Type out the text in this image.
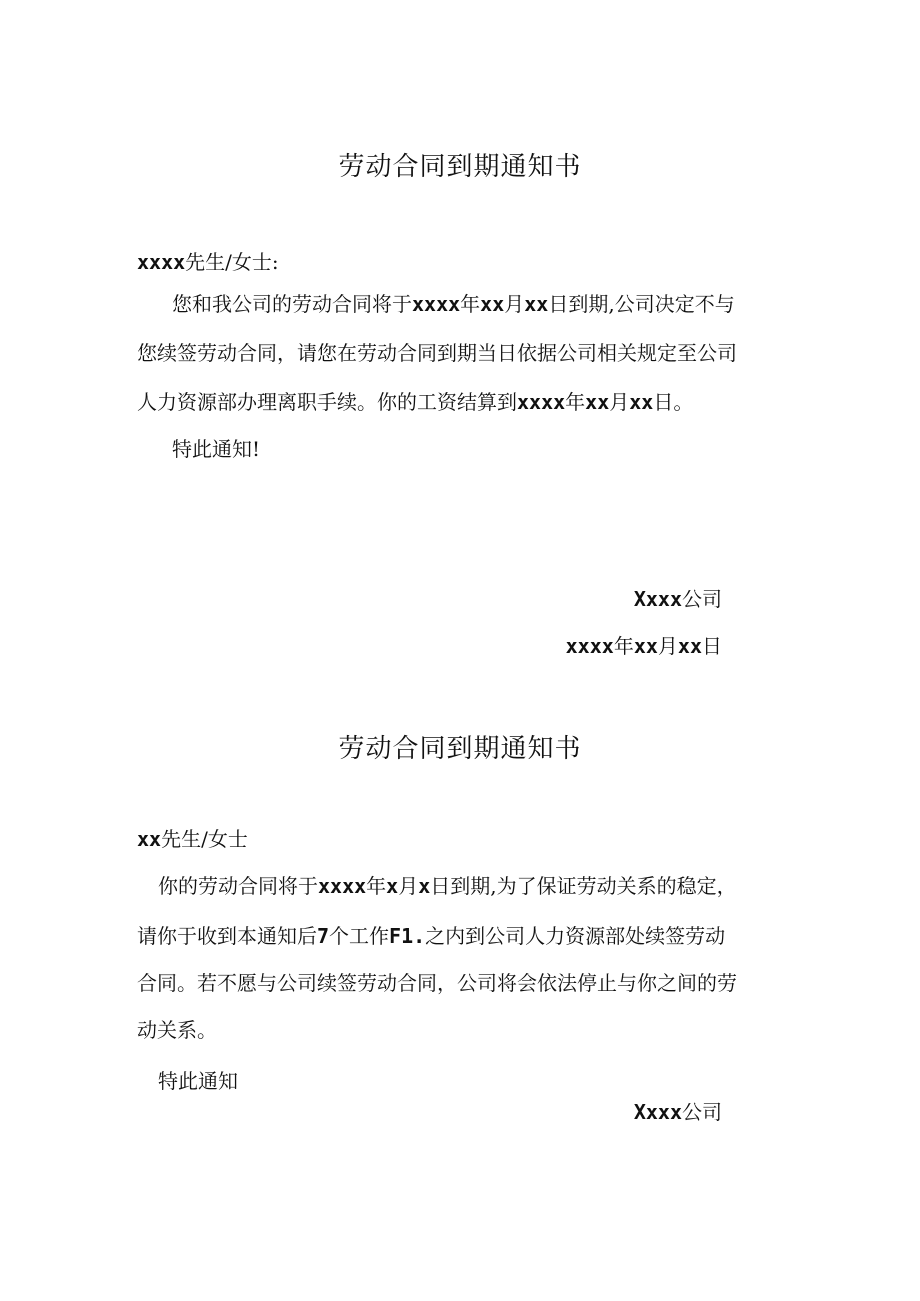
劳动合同到期通知书
xxxx先生/女士:
您和我公司的劳动合同将于xxxx年xx月xx日到期,公司决定不与
您续签劳动合同，请您在劳动合同到期当日依据公司相关规定至公司
人力资源部办理离职手续。你的工资结算到xxxx年xx月xx日。
特此通知!
Xxxx公司
xxxx年xx月xx日
劳动合同到期通知书
xx先生/女士
你的劳动合同将于xxxx年x月x日到期,为了保证劳动关系的稳定，
请你于收到本通知后7个工作F1.之内到公司人力资源部处续签劳动
合同。若不愿与公司续签劳动合同，公司将会依法停止与你之间的劳
动关系。
特此通知
Xxxx公司
